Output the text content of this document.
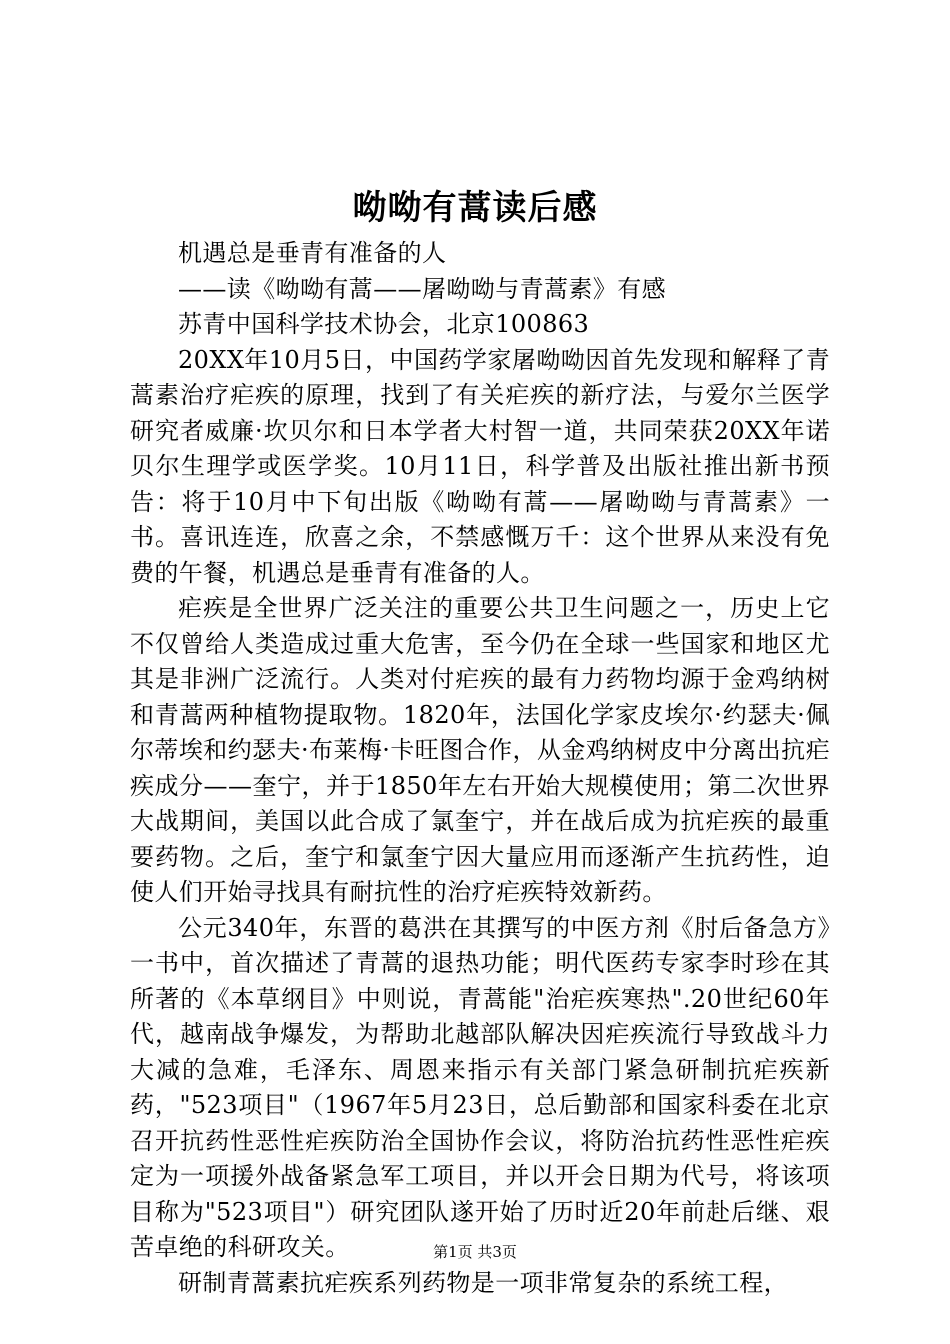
呦呦有蒿读后感

机遇总是垂青有准备的人

——读《呦呦有蒿——屠呦呦与青蒿素》有感

苏青中国科学技术协会，北京100863

20XX年10月5日，中国药学家屠呦呦因首先发现和解释了青蒿素治疗疟疾的原理，找到了有关疟疾的新疗法，与爱尔兰医学研究者威廉·坎贝尔和日本学者大村智一道，共同荣获20XX年诺贝尔生理学或医学奖。10月11日，科学普及出版社推出新书预告：将于10月中下旬出版《呦呦有蒿——屠呦呦与青蒿素》一书。喜讯连连，欣喜之余，不禁感慨万千：这个世界从来没有免费的午餐，机遇总是垂青有准备的人。

疟疾是全世界广泛关注的重要公共卫生问题之一，历史上它不仅曾给人类造成过重大危害，至今仍在全球一些国家和地区尤其是非洲广泛流行。人类对付疟疾的最有力药物均源于金鸡纳树和青蒿两种植物提取物。1820年，法国化学家皮埃尔·约瑟夫·佩尔蒂埃和约瑟夫·布莱梅·卡旺图合作，从金鸡纳树皮中分离出抗疟疾成分——奎宁，并于1850年左右开始大规模使用；第二次世界大战期间，美国以此合成了氯奎宁，并在战后成为抗疟疾的最重要药物。之后，奎宁和氯奎宁因大量应用而逐渐产生抗药性，迫使人们开始寻找具有耐抗性的治疗疟疾特效新药。

公元340年，东晋的葛洪在其撰写的中医方剂《肘后备急方》一书中，首次描述了青蒿的退热功能；明代医药专家李时珍在其所著的《本草纲目》中则说，青蒿能"治疟疾寒热".20世纪60年代，越南战争爆发，为帮助北越部队解决因疟疾流行导致战斗力大减的急难，毛泽东、周恩来指示有关部门紧急研制抗疟疾新药，"523项目"（1967年5月23日，总后勤部和国家科委在北京召开抗药性恶性疟疾防治全国协作会议，将防治抗药性恶性疟疾定为一项援外战备紧急军工项目，并以开会日期为代号，将该项目称为"523项目"）研究团队遂开始了历时近20年前赴后继、艰苦卓绝的科研攻关。

研制青蒿素抗疟疾系列药物是一项非常复杂的系统工程，

第1页 共3页
